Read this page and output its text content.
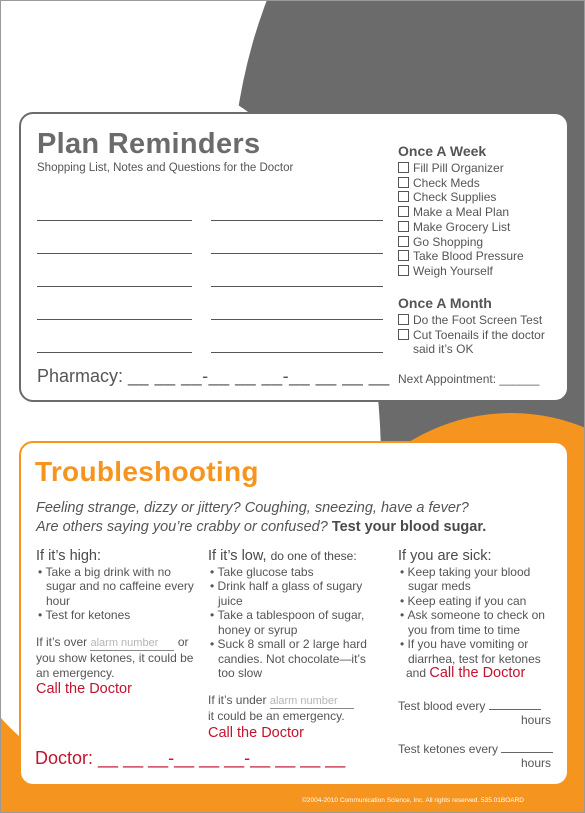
Plan Reminders
Shopping List, Notes and Questions for the Doctor
Pharmacy: __ __ __-__ __ __-__ __ __ __
Once A Week
Fill Pill Organizer
Check Meds
Check Supplies
Make a Meal Plan
Make Grocery List
Go Shopping
Take Blood Pressure
Weigh Yourself
Once A Month
Do the Foot Screen Test
Cut Toenails if the doctor said it’s OK
Next Appointment: ______
Troubleshooting
Feeling strange, dizzy or jittery? Coughing, sneezing, have a fever?
Are others saying you’re crabby or confused? Test your blood sugar.
If it’s high:
• Take a big drink with no sugar and no caffeine every hour
• Test for ketones
If it’s over alarm number or you show ketones, it could be an emergency.
Call the Doctor
If it’s low, do one of these:
• Take glucose tabs
• Drink half a glass of sugary juice
• Take a tablespoon of sugar, honey or syrup
• Suck 8 small or 2 large hard candies. Not chocolate—it’s too slow
If it’s under alarm number
it could be an emergency.
Call the Doctor
If you are sick:
• Keep taking your blood sugar meds
• Keep eating if you can
• Ask someone to check on you from time to time
• If you have vomiting or diarrhea, test for ketones
and Call the Doctor
Test blood every
hours
Test ketones every
hours
Doctor: __ __ __-__ __ __-__ __ __ __
©2004-2010 Communication Science, Inc. All rights reserved. 535.01BOARD
